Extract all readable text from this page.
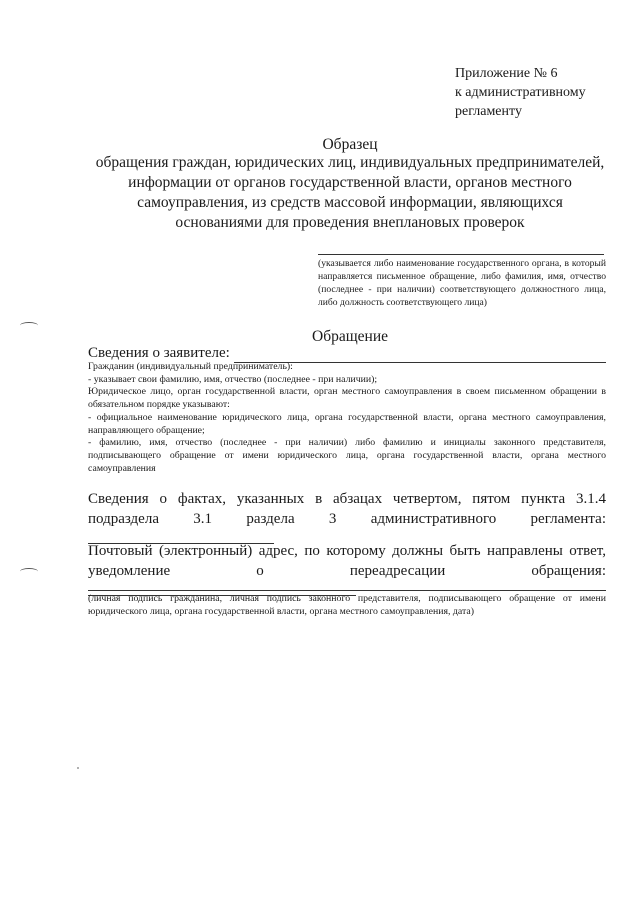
Приложение № 6
к административному
регламенту
Образец
обращения граждан, юридических лиц, индивидуальных предпринимателей, информации от органов государственной власти, органов местного самоуправления, из средств массовой информации, являющихся основаниями для проведения внеплановых проверок
(указывается либо наименование государственного органа, в который направляется письменное обращение, либо фамилия, имя, отчество (последнее - при наличии) соответствующего должностного лица, либо должность соответствующего лица)
Обращение
Сведения о заявителе:

Гражданин (индивидуальный предприниматель):

- указывает свои фамилию, имя, отчество (последнее - при наличии);

Юридическое лицо, орган государственной власти, орган местного самоуправления в своем письменном обращении в обязательном порядке указывают:

- официальное наименование юридического лица, органа государственной власти, органа местного самоуправления, направляющего обращение;

- фамилию, имя, отчество (последнее - при наличии) либо фамилию и инициалы законного представителя, подписывающего обращение от имени юридического лица, органа государственной власти, органа местного самоуправления

Сведения о фактах, указанных в абзацах четвертом, пятом пункта 3.1.4 подраздела 3.1 раздела 3 административного регламента:
Почтовый (электронный) адрес, по которому должны быть направлены ответ, уведомление о переадресации обращения:
(личная подпись гражданина, личная подпись законного представителя, подписывающего обращение от имени юридического лица, органа государственной власти, органа местного самоуправления, дата)
